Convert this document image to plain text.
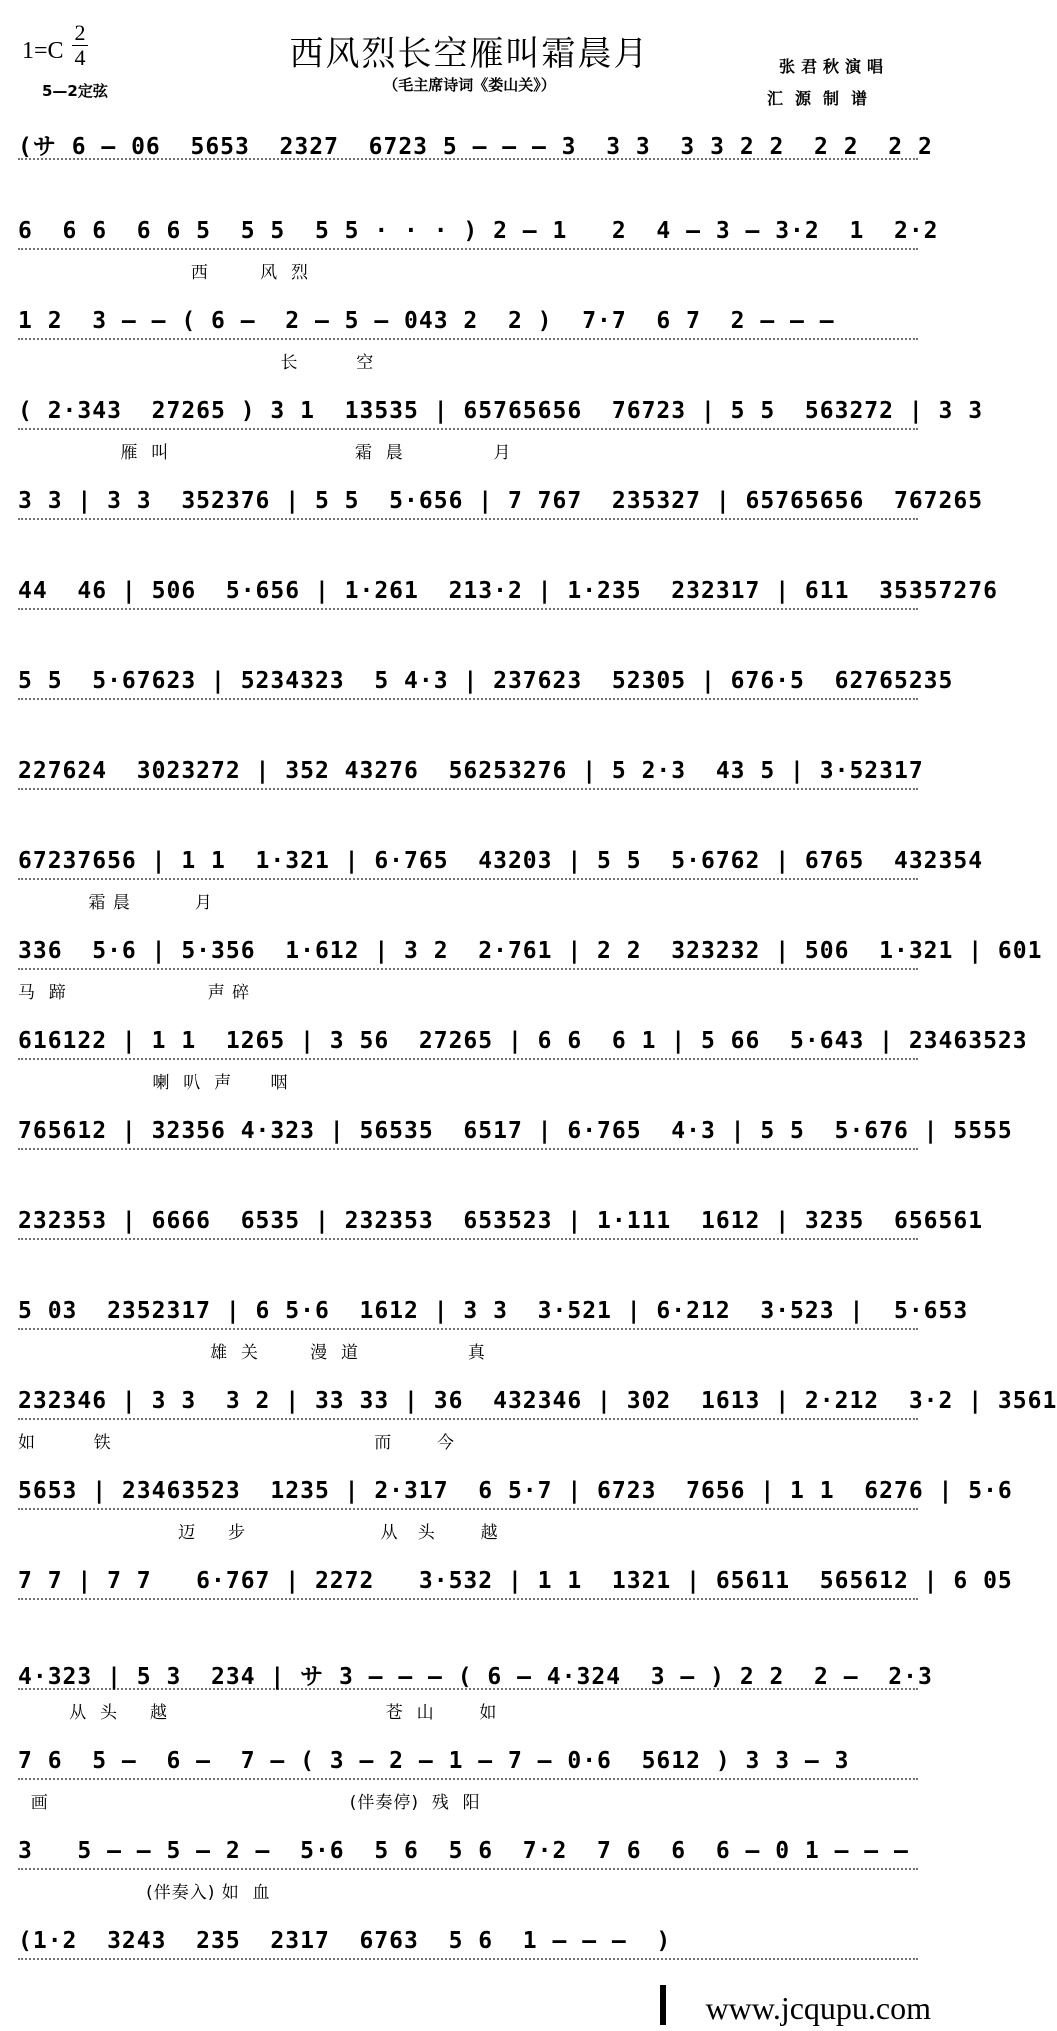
1=C
2
4
5—2定弦
西风烈长空雁叫霜晨月
（毛主席诗词《娄山关》）
张君秋演唱
汇源制谱
(サ 6 – 06  5653  2327  6723 5 – – – 3  3 3  3 3 2 2  2 2  2 2
6  6 6  6 6 5  5 5  5 5 · · · ) 2 – 1   2  4 – 3 – 3·2  1  2·2
西        风  烈
1 2  3 – – ( 6 –  2 – 5 – 043 2  2 )  7·7  6 7  2 – – –
长         空
( 2·343  27265 ) 3 1  13535 | 65765656  76723 | 5 5  563272 | 3 3
雁  叫                             霜  晨              月
3 3 | 3 3  352376 | 5 5  5·656 | 7 767  235327 | 65765656  767265
44  46 | 506  5·656 | 1·261  213·2 | 1·235  232317 | 611  35357276
5 5  5·67623 | 5234323  5 4·3 | 237623  52305 | 676·5  62765235
227624  3023272 | 352 43276  56253276 | 5 2·3  43 5 | 3·52317
67237656 | 1 1  1·321 | 6·765  43203 | 5 5  5·6762 | 6765  432354
霜 晨          月
336  5·6 | 5·356  1·612 | 3 2  2·761 | 2 2  323232 | 506  1·321 | 601
马  蹄                      声 碎
616122 | 1 1  1265 | 3 56  27265 | 6 6  6 1 | 5 66  5·643 | 23463523
喇  叭  声      咽
765612 | 32356 4·323 | 56535  6517 | 6·765  4·3 | 5 5  5·676 | 5555
232353 | 6666  6535 | 232353  653523 | 1·111  1612 | 3235  656561
5 03  2352317 | 6 5·6  1612 | 3 3  3·521 | 6·212  3·523 |  5·653
雄  关        漫  道                 真
232346 | 3 3  3 2 | 33 33 | 36  432346 | 302  1613 | 2·212  3·2 | 3561
如         铁                                         而       今
5653 | 23463523  1235 | 2·317  6 5·7 | 6723  7656 | 1 1  6276 | 5·6
迈     步                     从   头       越
7 7 | 7 7   6·767 | 2272   3·532 | 1 1  1321 | 65611  565612 | 6 05
4·323 | 5 3  234 | サ 3 – – – ( 6 – 4·324  3 – ) 2 2  2 –  2·3
从  头     越                                  苍  山       如
7 6  5 –  6 –  7 – ( 3 – 2 – 1 – 7 – 0·6  5612 ) 3 3 – 3
画                                               (伴奏停)  残  阳
3   5 – – 5 – 2 –  5·6  5 6  5 6  7·2  7 6  6  6 – 0 1 – – –
(伴奏入) 如  血
(1·2  3243  235  2317  6763  5 6  1 – – –  )
www.jcqupu.com
